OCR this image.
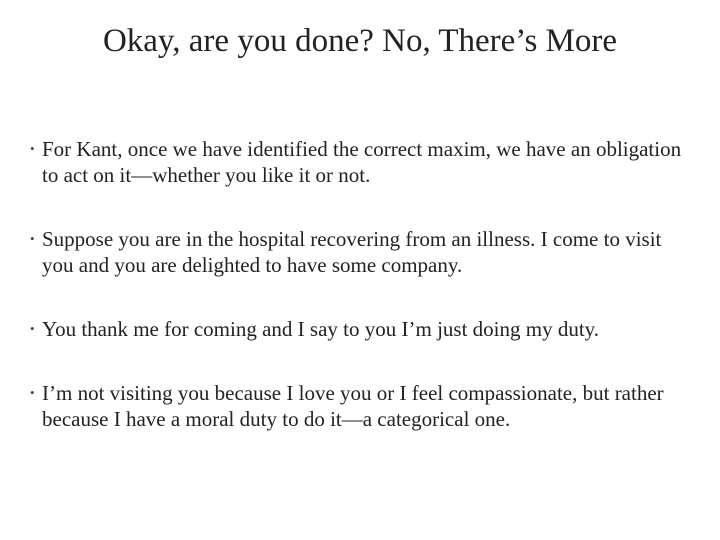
Okay, are you done? No, There’s More
• For Kant, once we have identified the correct maxim, we have an obligation to act on it—whether you like it or not.
• Suppose you are in the hospital recovering from an illness. I come to visit you and you are delighted to have some company.
• You thank me for coming and I say to you I’m just doing my duty.
• I’m not visiting you because I love you or I feel compassionate, but rather because I have a moral duty to do it—a categorical one.
